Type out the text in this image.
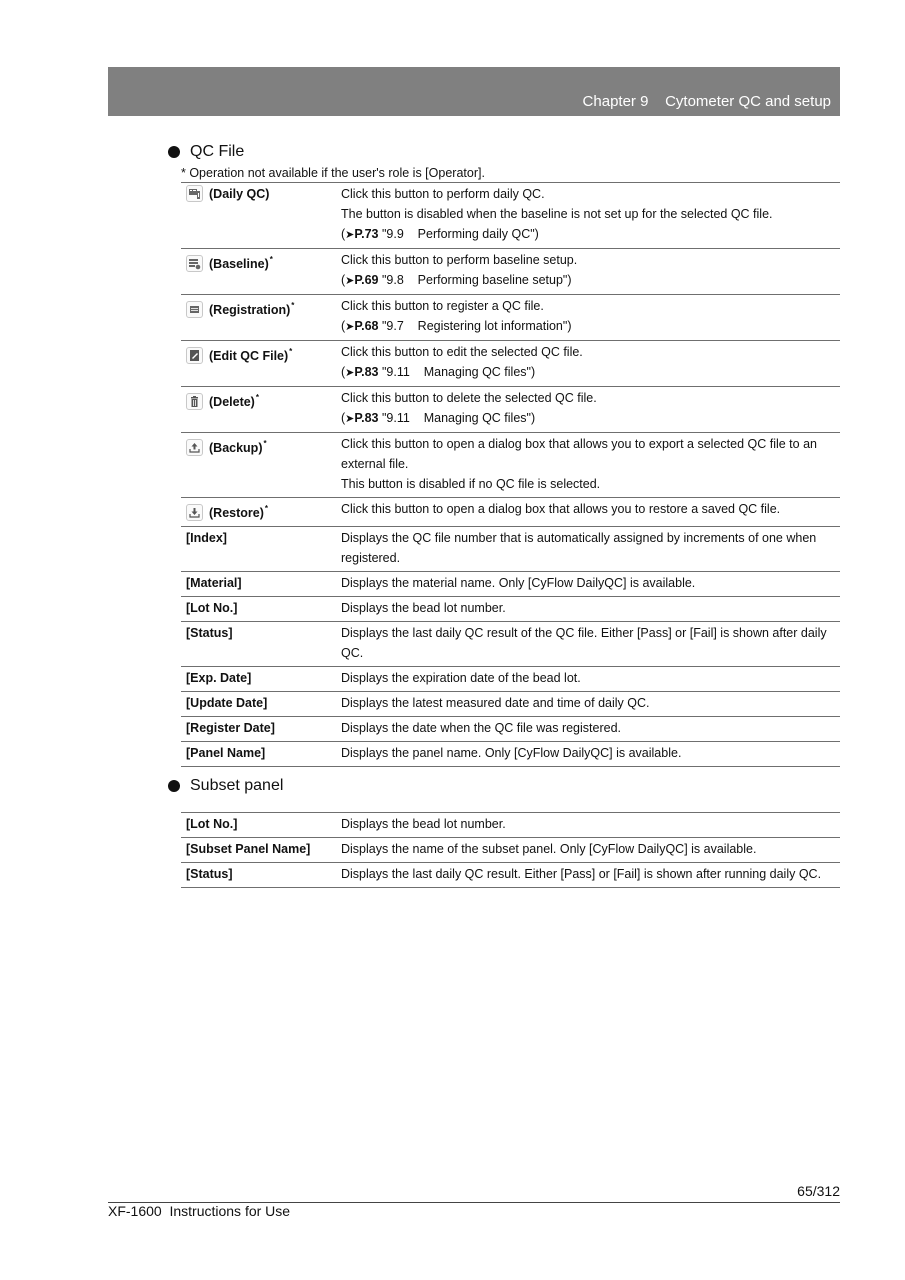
Chapter 9    Cytometer QC and setup
QC File
* Operation not available if the user's role is [Operator].
(Daily QC)	Click this button to perform daily QC.
The button is disabled when the baseline is not set up for the selected QC file.
(➤P.73 "9.9    Performing daily QC")

(Baseline)*	Click this button to perform baseline setup.
(➤P.69 "9.8    Performing baseline setup")

(Registration)*	Click this button to register a QC file.
(➤P.68 "9.7    Registering lot information")

(Edit QC File)*	Click this button to edit the selected QC file.
(➤P.83 "9.11    Managing QC files")

(Delete)*	Click this button to delete the selected QC file.
(➤P.83 "9.11    Managing QC files")

(Backup)*	Click this button to open a dialog box that allows you to export a selected QC file to an external file.
This button is disabled if no QC file is selected.

(Restore)*	Click this button to open a dialog box that allows you to restore a saved QC file.

[Index]	Displays the QC file number that is automatically assigned by increments of one when registered.
[Material]	Displays the material name. Only [CyFlow DailyQC] is available.
[Lot No.]	Displays the bead lot number.
[Status]	Displays the last daily QC result of the QC file. Either [Pass] or [Fail] is shown after daily QC.
[Exp. Date]	Displays the expiration date of the bead lot.
[Update Date]	Displays the latest measured date and time of daily QC.
[Register Date]	Displays the date when the QC file was registered.
[Panel Name]	Displays the panel name. Only [CyFlow DailyQC] is available.
Subset panel
[Lot No.]	Displays the bead lot number.
[Subset Panel Name]	Displays the name of the subset panel. Only [CyFlow DailyQC] is available.
[Status]	Displays the last daily QC result. Either [Pass] or [Fail] is shown after running daily QC.
65/312
XF-1600  Instructions for Use
